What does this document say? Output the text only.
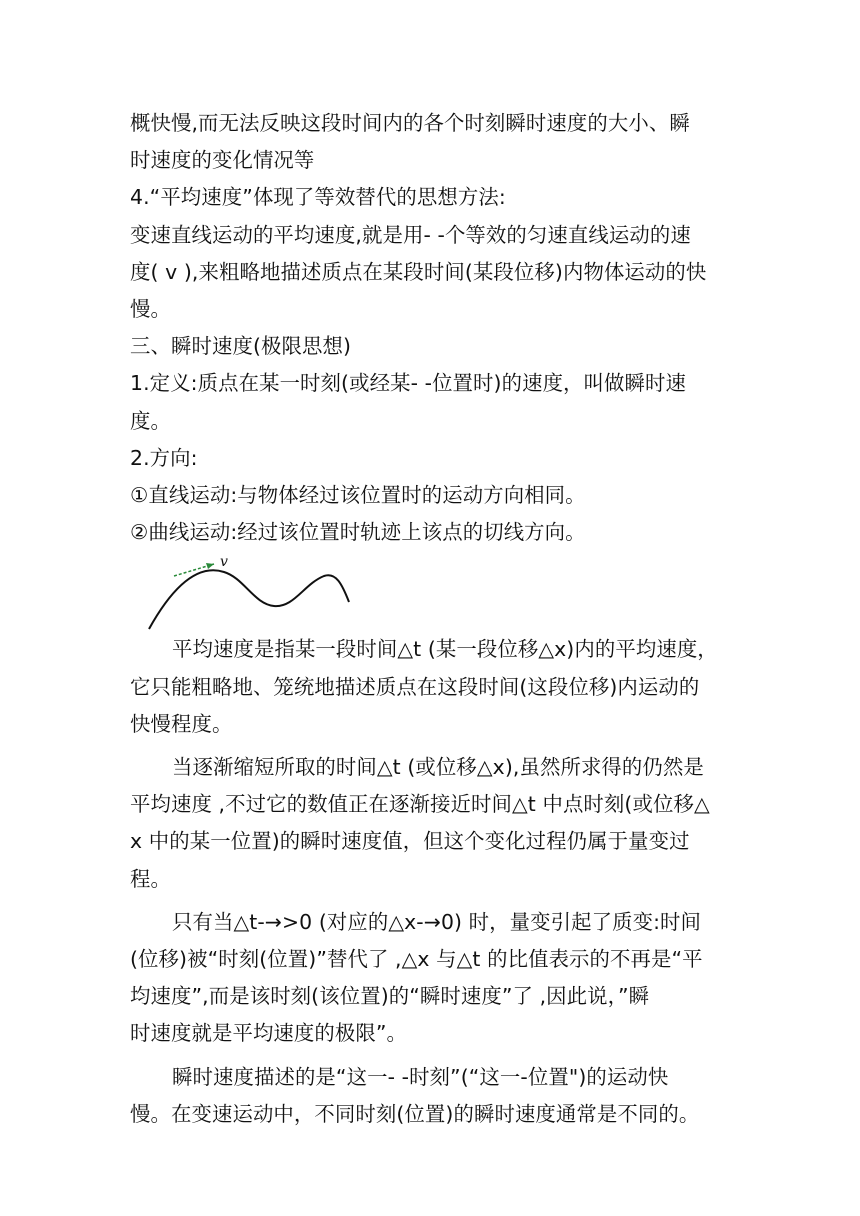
概快慢,而无法反映这段时间内的各个时刻瞬时速度的大小、瞬
时速度的变化情况等
4.“平均速度”体现了等效替代的思想方法:
变速直线运动的平均速度,就是用- -个等效的匀速直线运动的速
度( v ),来粗略地描述质点在某段时间(某段位移)内物体运动的快
慢。
三、瞬时速度(极限思想)
1.定义:质点在某一时刻(或经某- -位置时)的速度，叫做瞬时速
度。
2.方向:
①直线运动:与物体经过该位置时的运动方向相同。
②曲线运动:经过该位置时轨迹上该点的切线方向。
v
平均速度是指某一段时间△t (某一段位移△x)内的平均速度，
它只能粗略地、笼统地描述质点在这段时间(这段位移)内运动的
快慢程度。
当逐渐缩短所取的时间△t (或位移△x),虽然所求得的仍然是
平均速度 ,不过它的数值正在逐渐接近时间△t 中点时刻(或位移△
x 中的某一位置)的瞬时速度值，但这个变化过程仍属于量变过
程。
只有当△t-→>0 (对应的△x-→0) 时，量变引起了质变:时间
(位移)被“时刻(位置)”替代了 ,△x 与△t 的比值表示的不再是“平
均速度”,而是该时刻(该位置)的“瞬时速度”了 ,因此说，”瞬
时速度就是平均速度的极限”。
瞬时速度描述的是“这一- -时刻”(“这一-位置")的运动快
慢。在变速运动中，不同时刻(位置)的瞬时速度通常是不同的。
